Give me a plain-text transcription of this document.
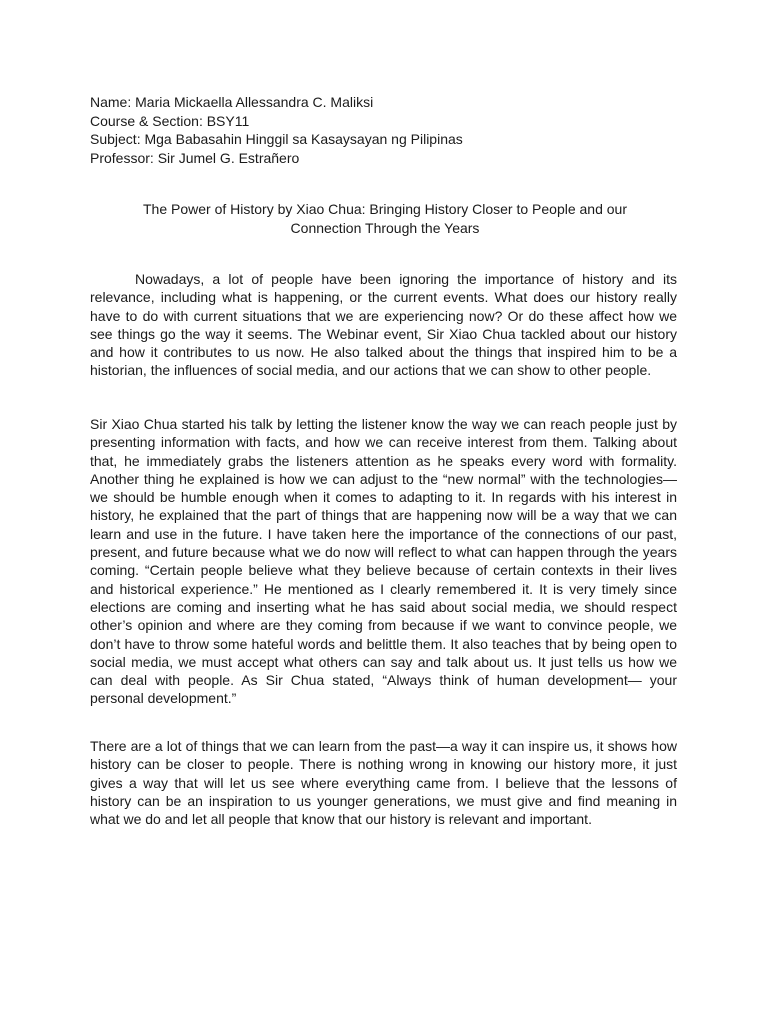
Name: Maria Mickaella Allessandra C. Maliksi
Course & Section: BSY11
Subject: Mga Babasahin Hinggil sa Kasaysayan ng Pilipinas
Professor: Sir Jumel G. Estrañero
The Power of History by Xiao Chua: Bringing History Closer to People and our
Connection Through the Years

Nowadays, a lot of people have been ignoring the importance of history and its relevance, including what is happening, or the current events. What does our history really have to do with current situations that we are experiencing now? Or do these affect how we see things go the way it seems. The Webinar event, Sir Xiao Chua tackled about our history and how it contributes to us now. He also talked about the things that inspired him to be a historian, the influences of social media, and our actions that we can show to other people.

Sir Xiao Chua started his talk by letting the listener know the way we can reach people just by presenting information with facts, and how we can receive interest from them. Talking about that, he immediately grabs the listeners attention as he speaks every word with formality. Another thing he explained is how we can adjust to the “new normal” with the technologies—we should be humble enough when it comes to adapting to it. In regards with his interest in history, he explained that the part of things that are happening now will be a way that we can learn and use in the future. I have taken here the importance of the connections of our past, present, and future because what we do now will reflect to what can happen through the years coming. “Certain people believe what they believe because of certain contexts in their lives and historical experience.” He mentioned as I clearly remembered it. It is very timely since elections are coming and inserting what he has said about social media, we should respect other’s opinion and where are they coming from because if we want to convince people, we don’t have to throw some hateful words and belittle them. It also teaches that by being open to social media, we must accept what others can say and talk about us. It just tells us how we can deal with people. As Sir Chua stated, “Always think of human development— your personal development.”

There are a lot of things that we can learn from the past—a way it can inspire us, it shows how history can be closer to people. There is nothing wrong in knowing our history more, it just gives a way that will let us see where everything came from. I believe that the lessons of history can be an inspiration to us younger generations, we must give and find meaning in what we do and let all people that know that our history is relevant and important.
